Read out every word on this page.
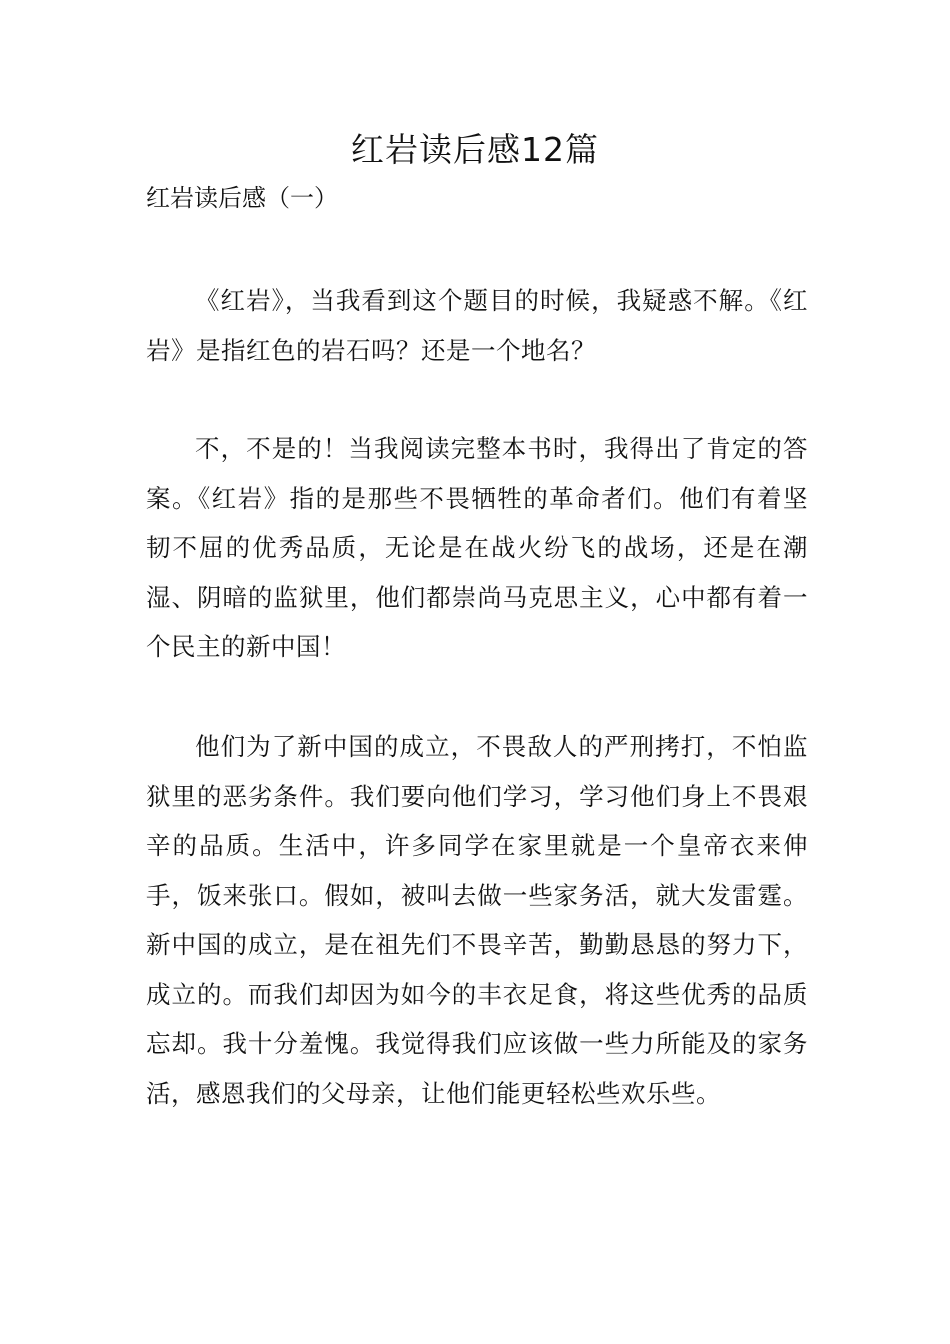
红岩读后感12篇
红岩读后感（一）

《红岩》，当我看到这个题目的时候，我疑惑不解。《红岩》是指红色的岩石吗？还是一个地名？

不，不是的！当我阅读完整本书时，我得出了肯定的答案。《红岩》指的是那些不畏牺牲的革命者们。他们有着坚韧不屈的优秀品质，无论是在战火纷飞的战场，还是在潮湿、阴暗的监狱里，他们都崇尚马克思主义，心中都有着一个民主的新中国！

他们为了新中国的成立，不畏敌人的严刑拷打，不怕监狱里的恶劣条件。我们要向他们学习，学习他们身上不畏艰辛的品质。生活中，许多同学在家里就是一个皇帝衣来伸手，饭来张口。假如，被叫去做一些家务活，就大发雷霆。新中国的成立，是在祖先们不畏辛苦，勤勤恳恳的努力下，成立的。而我们却因为如今的丰衣足食，将这些优秀的品质忘却。我十分羞愧。我觉得我们应该做一些力所能及的家务活，感恩我们的父母亲，让他们能更轻松些欢乐些。
